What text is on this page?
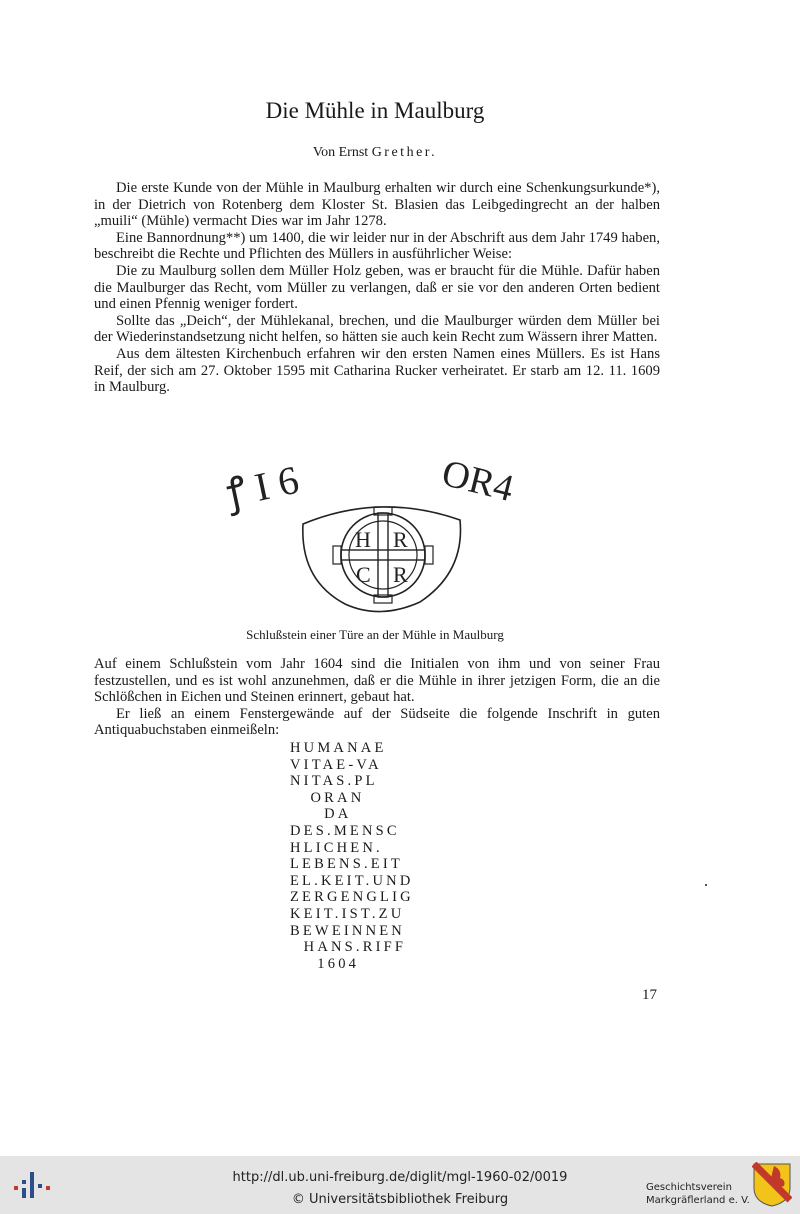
Die Mühle in Maulburg
Von Ernst Grether.

Die erste Kunde von der Mühle in Maulburg erhalten wir durch eine Schenkungsurkunde*), in der Dietrich von Rotenberg dem Kloster St. Blasien das Leibgedingrecht an der halben „muili“ (Mühle) vermacht Dies war im Jahr 1278.

Eine Bannordnung**) um 1400, die wir leider nur in der Abschrift aus dem Jahr 1749 haben, beschreibt die Rechte und Pflichten des Müllers in ausführlicher Weise:

Die zu Maulburg sollen dem Müller Holz geben, was er braucht für die Mühle. Dafür haben die Maulburger das Recht, vom Müller zu verlangen, daß er sie vor den anderen Orten bedient und einen Pfennig weniger fordert.

Sollte das „Deich“, der Mühlekanal, brechen, und die Maulburger würden dem Müller bei der Wiederinstandsetzung nicht helfen, so hätten sie auch kein Recht zum Wässern ihrer Matten.

Aus dem ältesten Kirchenbuch erfahren wir den ersten Namen eines Müllers. Es ist Hans Reif, der sich am 27. Oktober 1595 mit Catharina Rucker verheiratet. Er starb am 12. 11. 1609 in Maulburg.

ꝭ I 6	OR4
H R
C R
Schlußstein einer Türe an der Mühle in Maulburg

Auf einem Schlußstein vom Jahr 1604 sind die Initialen von ihm und von seiner Frau festzustellen, und es ist wohl anzunehmen, daß er die Mühle in ihrer jetzigen Form, die an die Schlößchen in Eichen und Steinen erinnert, gebaut hat.

Er ließ an einem Fenstergewände auf der Südseite die folgende Inschrift in guten Antiquabuchstaben einmeißeln:

HUMANAE
VITAE-VA
NITAS.PL
ORAN
DA
DES.MENSC
HLICHEN.
LEBENS.EIT
EL.KEIT.UND
ZERGENGLIG
KEIT.IST.ZU
BEWEINNEN
HANS.RIFF
1604
17
http://dl.ub.uni-freiburg.de/diglit/mgl-1960-02/0019
© Universitätsbibliothek Freiburg
Geschichtsverein
Markgräflerland e. V.
